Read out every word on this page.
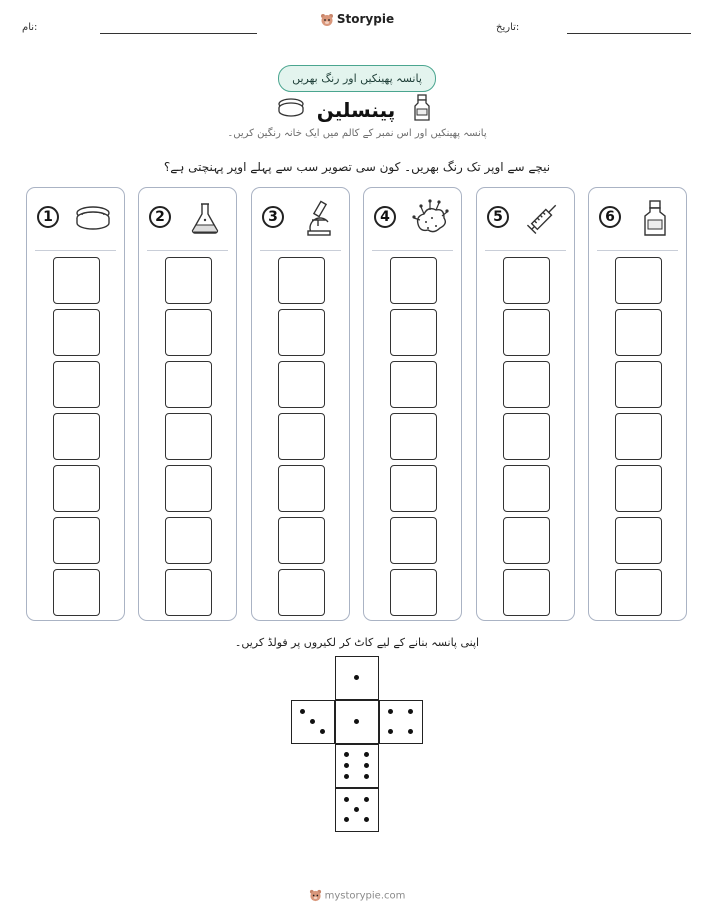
نام:
Storypie
تاریخ:
پانسہ پھینکیں اور رنگ بھریں
پینسلین
پانسہ پھینکیں اور اس نمبر کے کالم میں ایک خانہ رنگین کریں۔
نیچے سے اوپر تک رنگ بھریں۔ کون سی تصویر سب سے پہلے اوپر پہنچتی ہے؟
1	2	3	4	5	6
اپنی پانسہ بنانے کے لیے کاٹ کر لکیروں پر فولڈ کریں۔
mystorypie.com
